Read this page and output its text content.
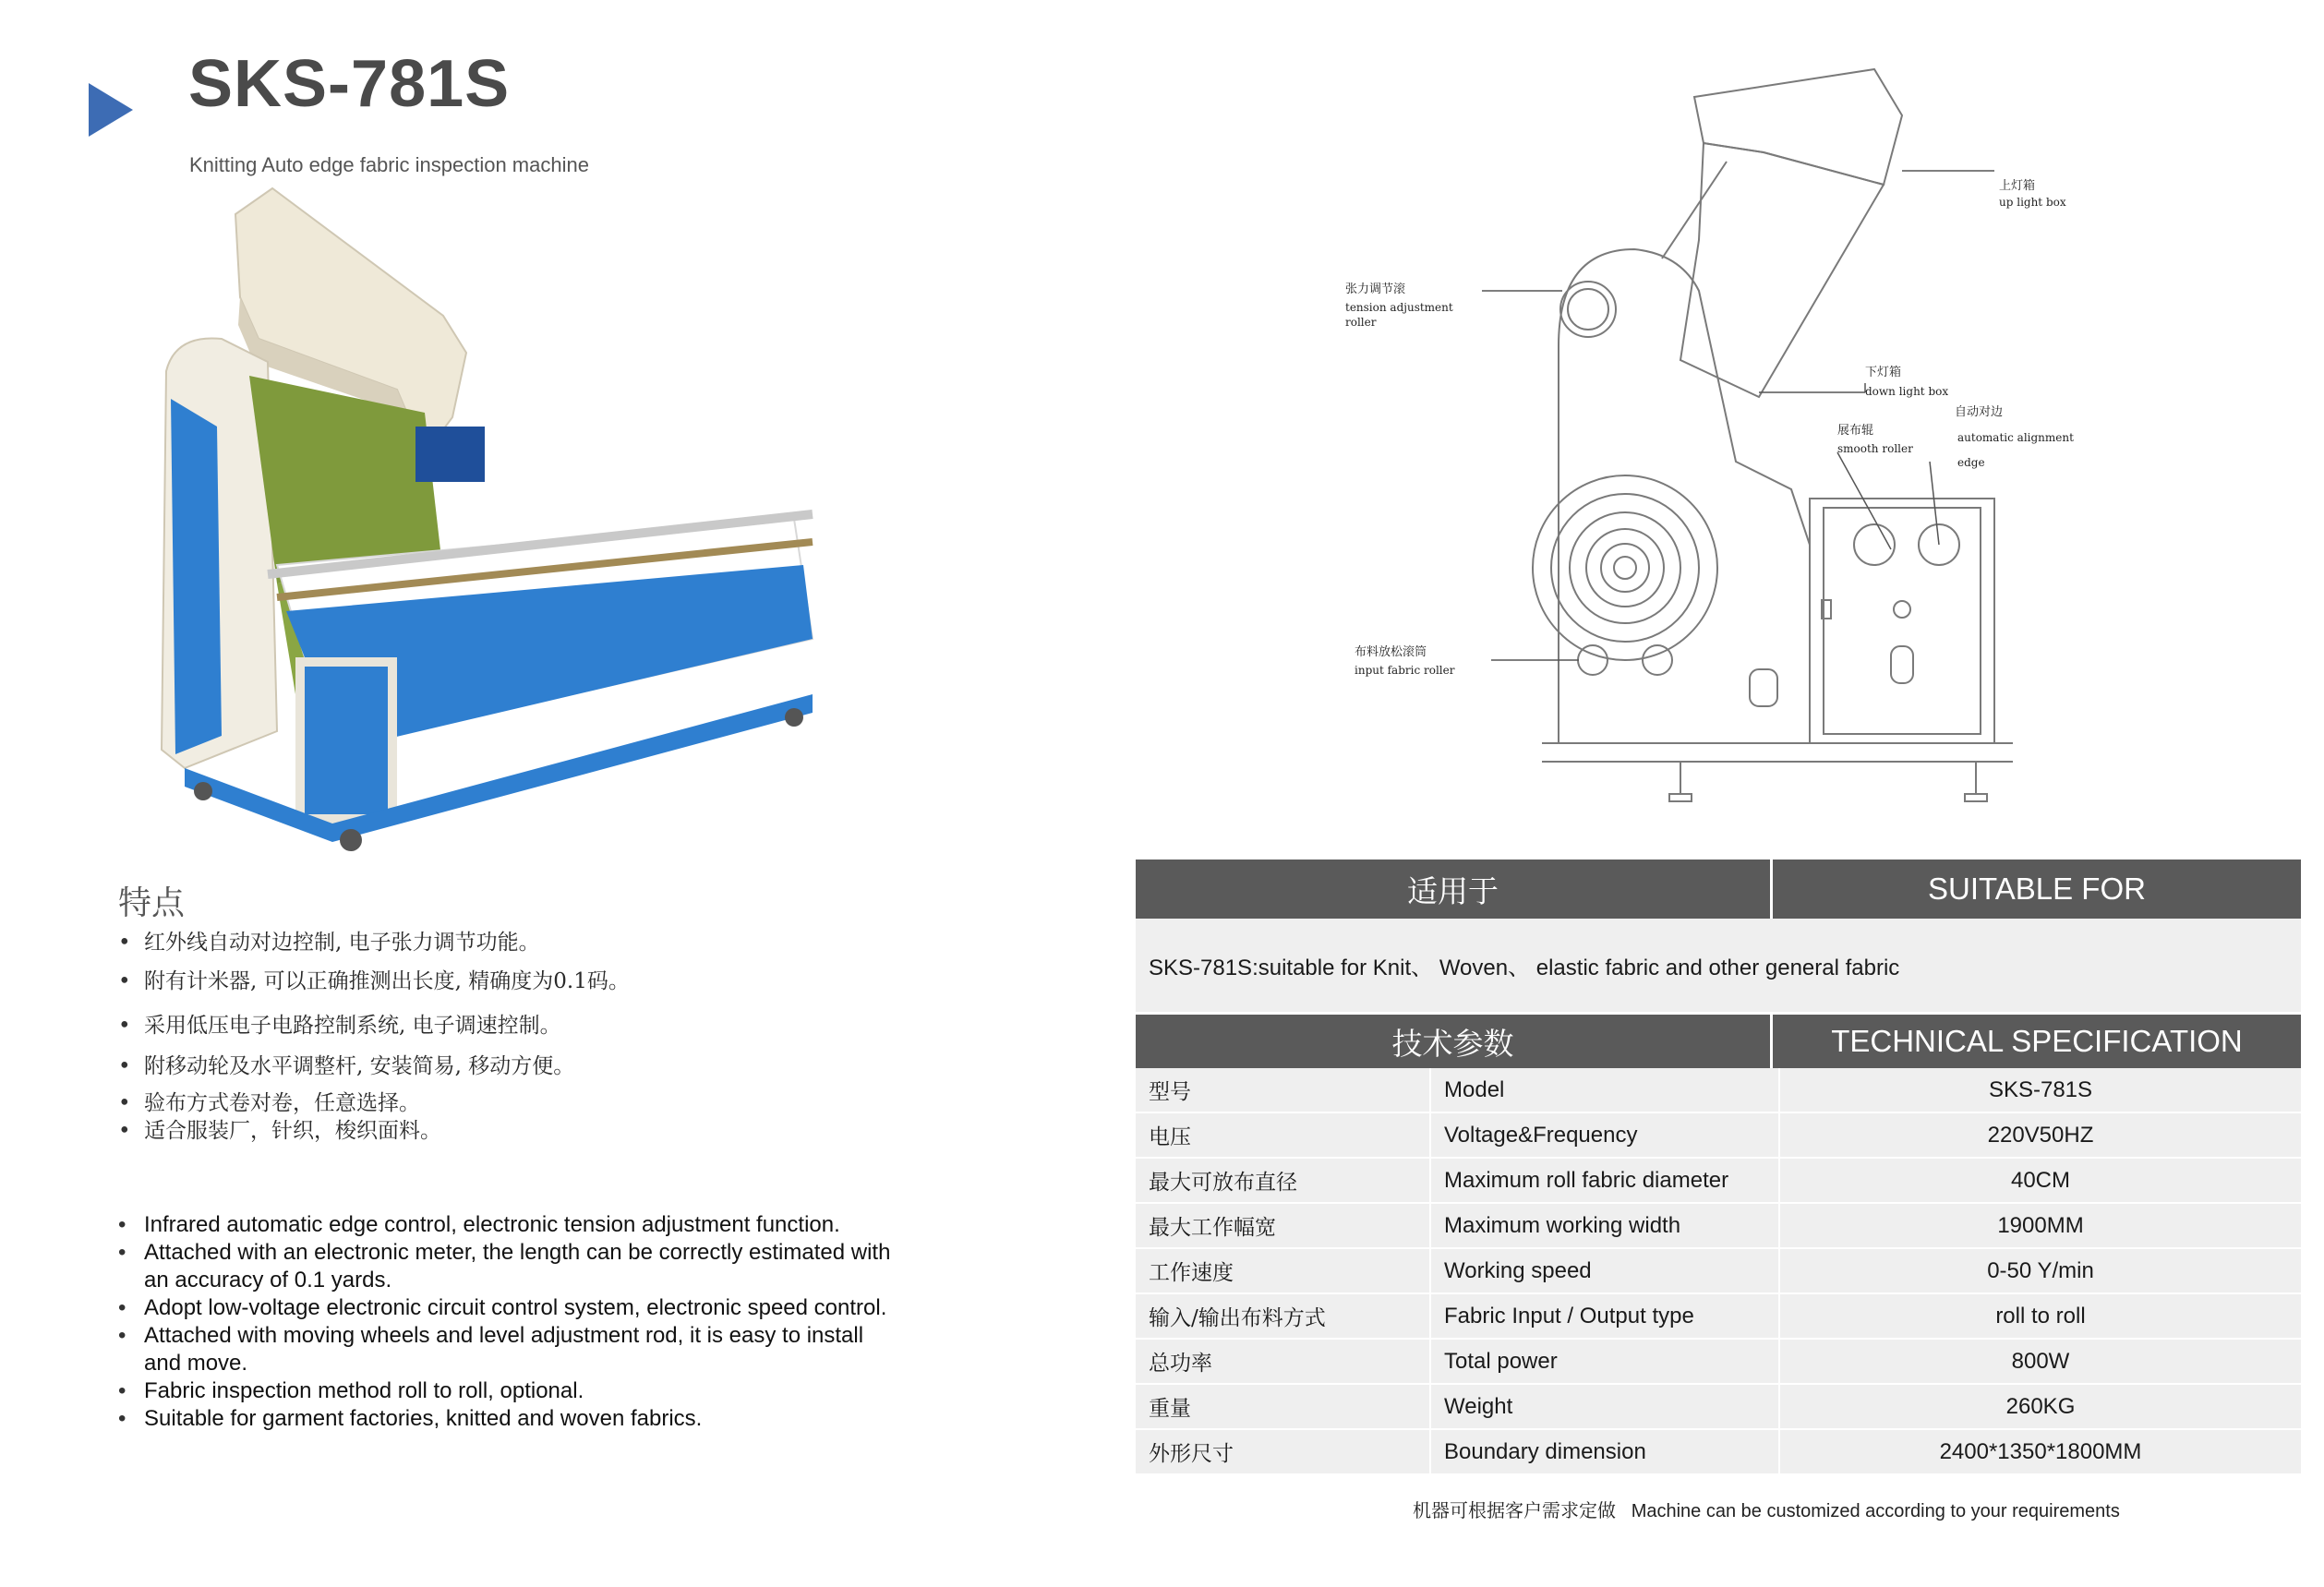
SKS-781S
Knitting Auto edge fabric inspection machine
特点
• 红外线自动对边控制, 电子张力调节功能。
• 附有计米器, 可以正确推测出长度, 精确度为0.1码。
• 采用低压电子电路控制系统, 电子调速控制。
• 附移动轮及水平调整杆, 安装简易, 移动方便。
• 验布方式卷对卷，任意选择。
• 适合服装厂，针织，梭织面料。
• Infrared automatic edge control, electronic tension adjustment function.
• Attached with an electronic meter, the length can be correctly estimated with an accuracy of 0.1 yards.
• Adopt low-voltage electronic circuit control system, electronic speed control.
• Attached with moving wheels and level adjustment rod, it is easy to install and move.
• Fabric inspection method roll to roll, optional.
• Suitable for garment factories, knitted and woven fabrics.
上灯箱
up light box
张力调节滚
tension adjustment
roller
下灯箱
down light box
自动对边
automatic alignment
edge
展布辊
smooth roller
布料放松滚筒
input fabric roller
适用于	SUITABLE FOR
SKS-781S:suitable for Knit、 Woven、 elastic fabric and other general fabric
技术参数	TECHNICAL SPECIFICATION
型号	Model	SKS-781S
电压	Voltage&Frequency	220V50HZ
最大可放布直径	Maximum roll fabric diameter	40CM
最大工作幅宽	Maximum working width	1900MM
工作速度	Working speed	0-50 Y/min
输入/输出布料方式	Fabric Input / Output type	roll to roll
总功率	Total power	800W
重量	Weight	260KG
外形尺寸	Boundary dimension	2400*1350*1800MM
机器可根据客户需求定做 Machine can be customized according to your requirements
